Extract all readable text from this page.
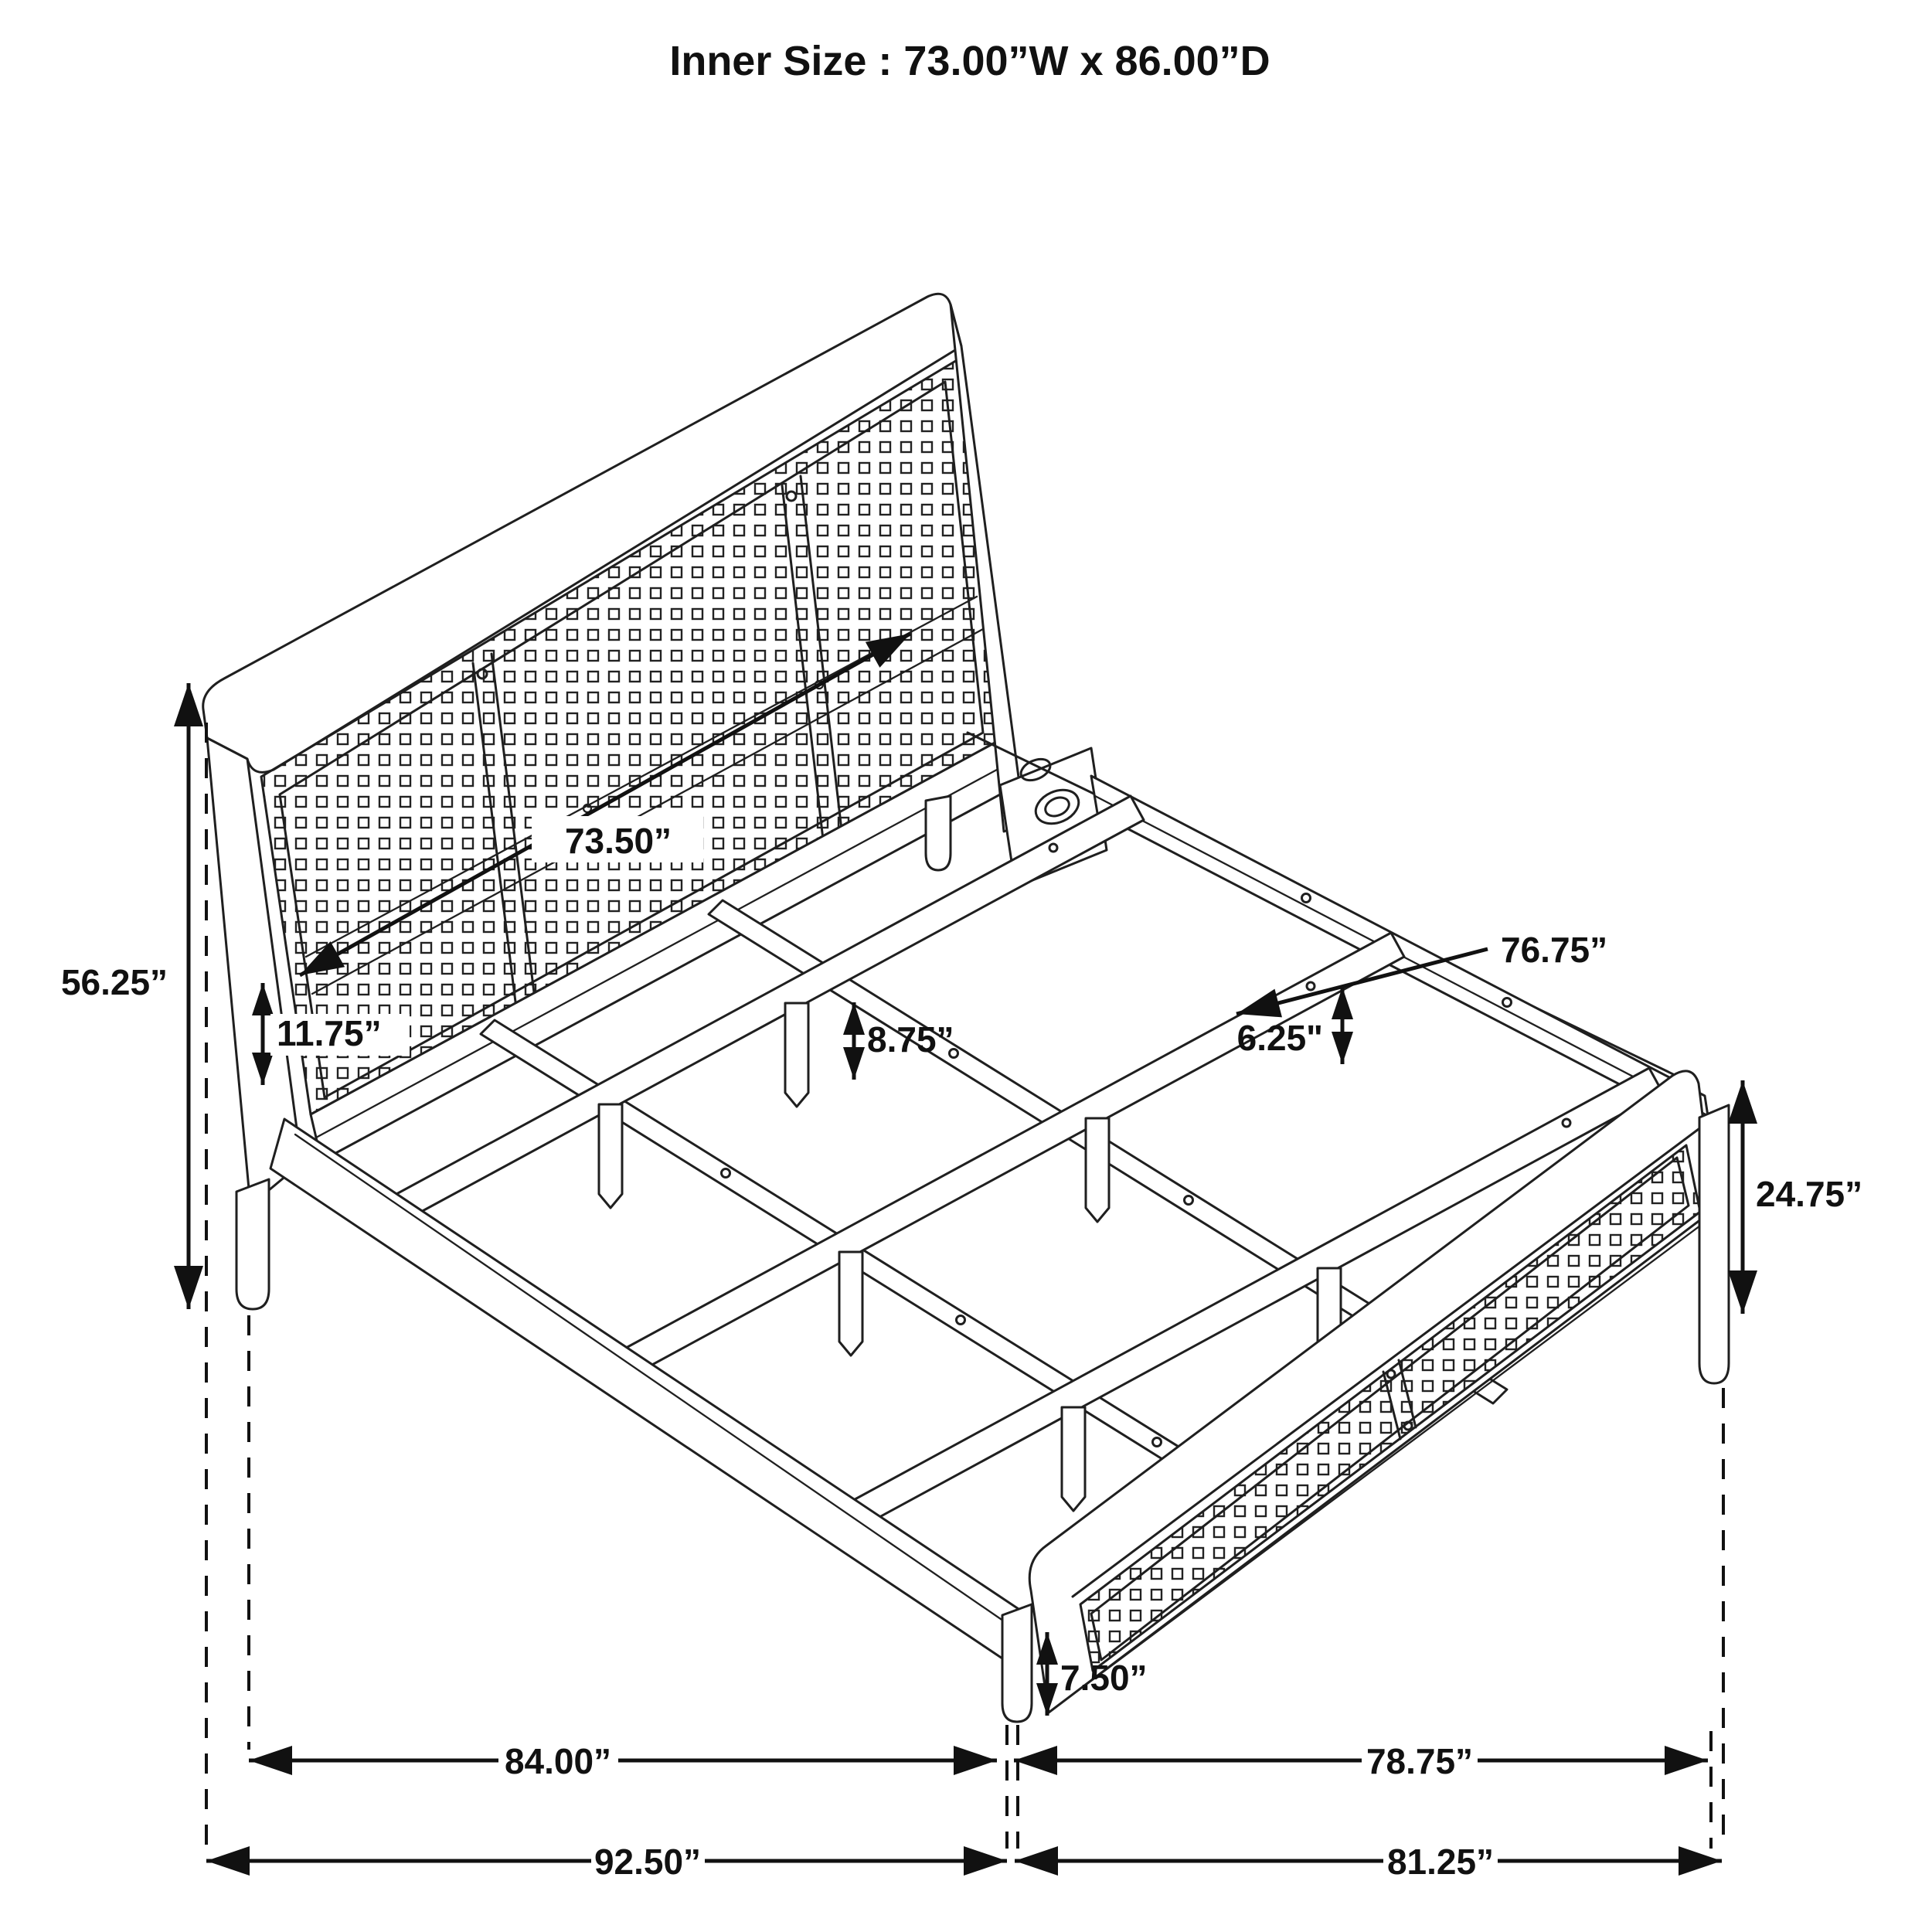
Inner Size : 73.00”W x 86.00”D
73.50”
76.75”
56.25”
11.75”	8.75”	6.25"
24.75”
7.50”
84.00”	78.75”
92.50”	81.25”
